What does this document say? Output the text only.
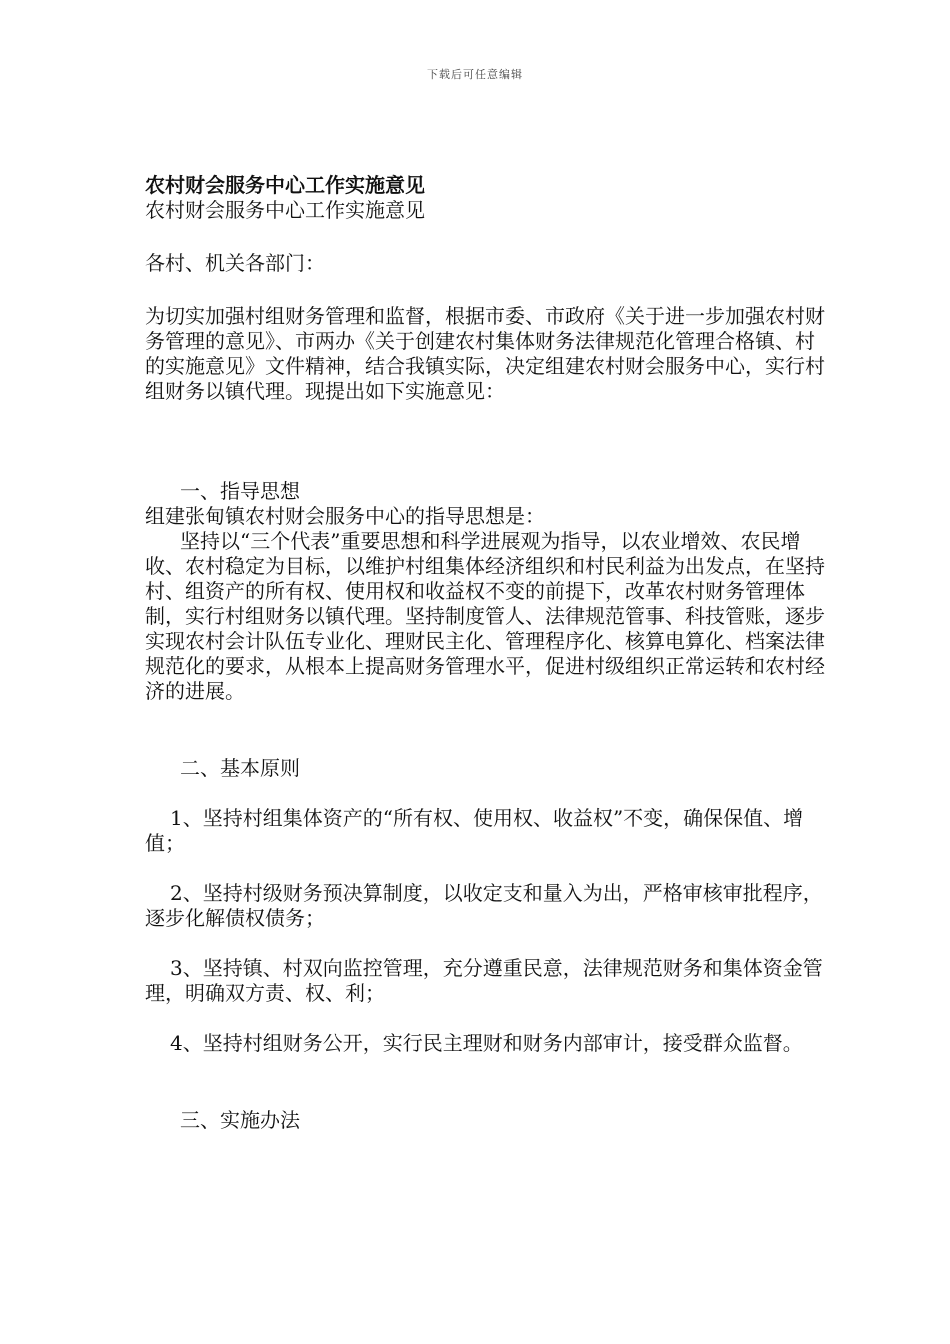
下载后可任意编辑

农村财会服务中心工作实施意见

农村财会服务中心工作实施意见

各村、机关各部门：

为切实加强村组财务管理和监督，根据市委、市政府《关于进一步加强农村财务管理的意见》、市两办《关于创建农村集体财务法律规范化管理合格镇、村的实施意见》文件精神，结合我镇实际，决定组建农村财会服务中心，实行村组财务以镇代理。现提出如下实施意见：

一、指导思想

组建张甸镇农村财会服务中心的指导思想是：

坚持以“三个代表”重要思想和科学进展观为指导，以农业增效、农民增收、农村稳定为目标，以维护村组集体经济组织和村民利益为出发点，在坚持村、组资产的所有权、使用权和收益权不变的前提下，改革农村财务管理体制，实行村组财务以镇代理。坚持制度管人、法律规范管事、科技管账，逐步实现农村会计队伍专业化、理财民主化、管理程序化、核算电算化、档案法律规范化的要求，从根本上提高财务管理水平，促进村级组织正常运转和农村经济的进展。

二、基本原则

1、坚持村组集体资产的“所有权、使用权、收益权”不变，确保保值、增值；

2、坚持村级财务预决算制度，以收定支和量入为出，严格审核审批程序，逐步化解债权债务；

3、坚持镇、村双向监控管理，充分遵重民意，法律规范财务和集体资金管理，明确双方责、权、利；

4、坚持村组财务公开，实行民主理财和财务内部审计，接受群众监督。

三、实施办法
